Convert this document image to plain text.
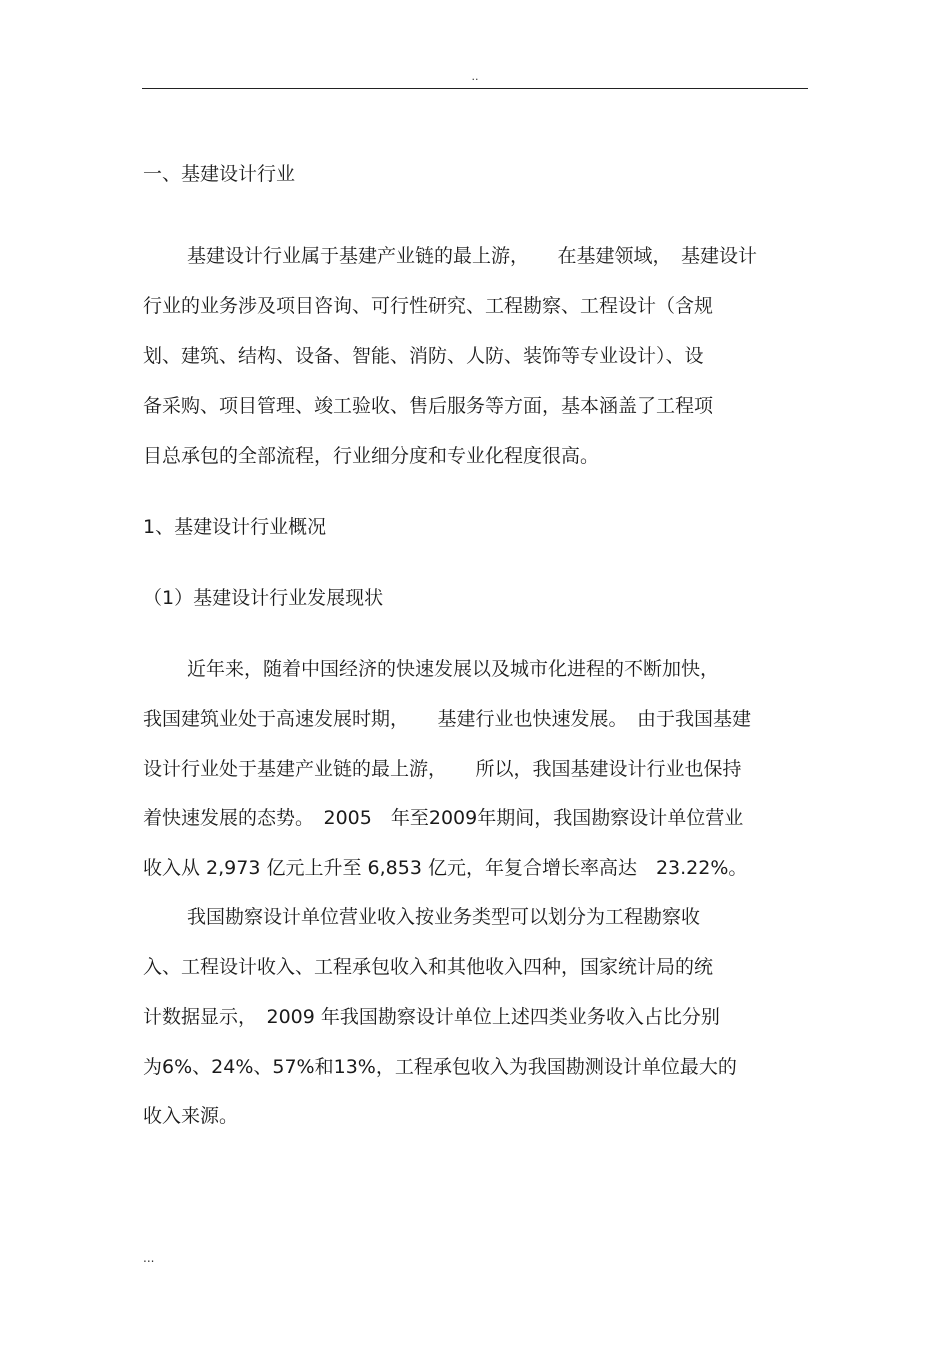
..
一、基建设计行业
基建设计行业属于基建产业链的最上游，　　在基建领域，　基建设计
行业的业务涉及项目咨询、可行性研究、工程勘察、工程设计（含规
划、建筑、结构、设备、智能、消防、人防、装饰等专业设计）、设
备采购、项目管理、竣工验收、售后服务等方面，基本涵盖了工程项
目总承包的全部流程，行业细分度和专业化程度很高。
1、基建设计行业概况
（1）基建设计行业发展现状
近年来，随着中国经济的快速发展以及城市化进程的不断加快，
我国建筑业处于高速发展时期，　　基建行业也快速发展。　由于我国基建
设计行业处于基建产业链的最上游，　　所以，我国基建设计行业也保持
着快速发展的态势。　2005　年至2009年期间，我国勘察设计单位营业
收入从 2,973 亿元上升至 6,853 亿元，年复合增长率高达　23.22%。
我国勘察设计单位营业收入按业务类型可以划分为工程勘察收
入、工程设计收入、工程承包收入和其他收入四种，国家统计局的统
计数据显示，　2009 年我国勘察设计单位上述四类业务收入占比分别
为6%、24%、57%和13%，工程承包收入为我国勘测设计单位最大的
收入来源。
...
